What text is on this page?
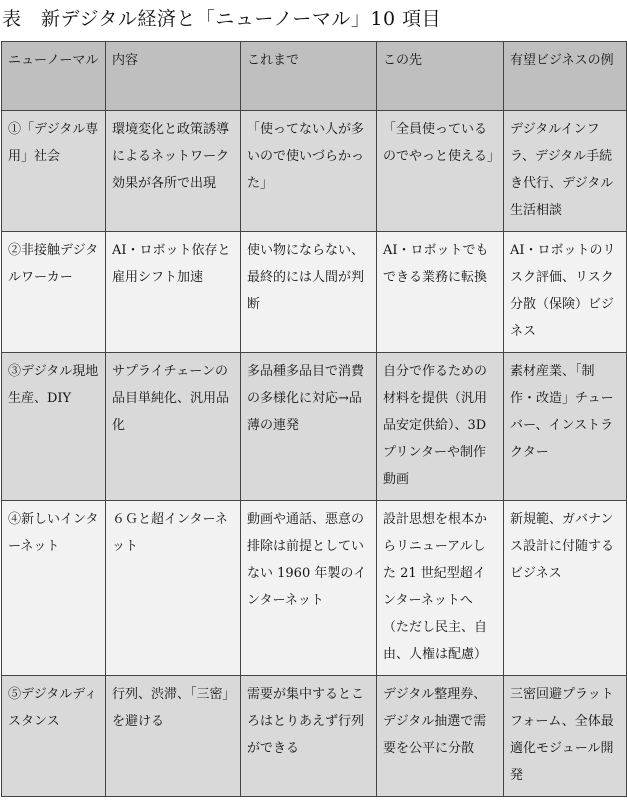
表　新デジタル経済と「ニューノーマル」10 項目
ニューノーマル	内容	これまで	この先	有望ビジネスの例
①「デジタル専用」社会	環境変化と政策誘導によるネットワーク効果が各所で出現	「使ってない人が多いので使いづらかった」	「全員使っているのでやっと使える」	デジタルインフラ、デジタル手続き代行、デジタル生活相談
②非接触デジタルワーカー	AI・ロボット依存と雇用シフト加速	使い物にならない、最終的には人間が判断	AI・ロボットでもできる業務に転換	AI・ロボットのリスク評価、リスク分散（保険）ビジネス
③デジタル現地生産、DIY	サプライチェーンの品目単純化、汎用品化	多品種多品目で消費の多様化に対応→品薄の連発	自分で作るための材料を提供（汎用品安定供給）、3Dプリンターや制作動画	素材産業、「制作・改造」チューバー、インストラクター
④新しいインターネット	６Ｇと超インターネット	動画や通話、悪意の排除は前提としていない 1960 年製のインターネット	設計思想を根本からリニューアルした 21 世紀型超インターネットへ（ただし民主、自由、人権は配慮）	新規範、ガバナンス設計に付随するビジネス
⑤デジタルディスタンス	行列、渋滞、「三密」を避ける	需要が集中するところはとりあえず行列ができる	デジタル整理券、デジタル抽選で需要を公平に分散	三密回避プラットフォーム、全体最適化モジュール開発
